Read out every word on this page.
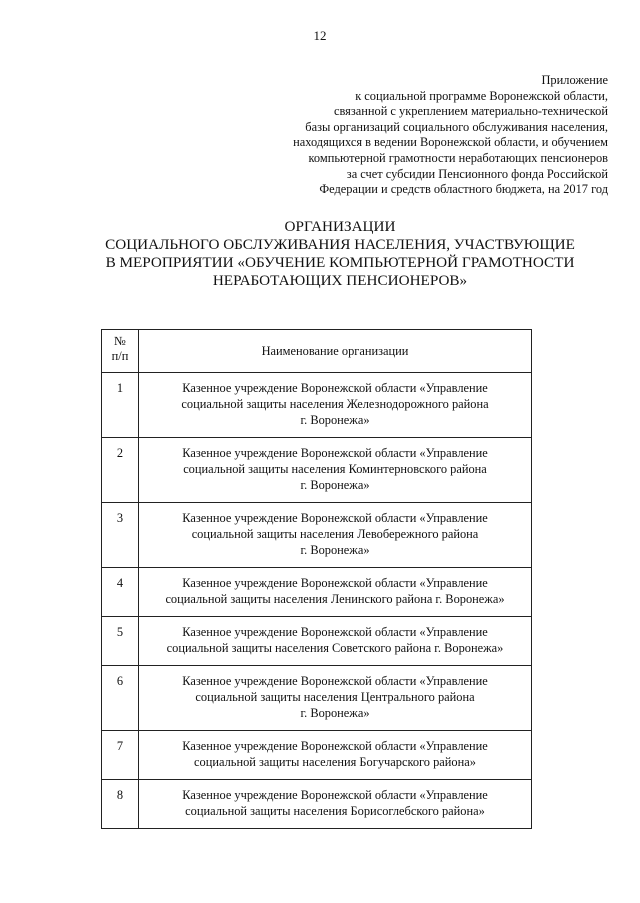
12
Приложение
к социальной программе Воронежской области,
связанной с укреплением материально-технической
базы организаций социального обслуживания населения,
находящихся в ведении Воронежской области, и обучением
компьютерной грамотности неработающих пенсионеров
за счет субсидии Пенсионного фонда Российской
Федерации и средств областного бюджета, на 2017 год
ОРГАНИЗАЦИИ
СОЦИАЛЬНОГО ОБСЛУЖИВАНИЯ НАСЕЛЕНИЯ, УЧАСТВУЮЩИЕ
В МЕРОПРИЯТИИ «ОБУЧЕНИЕ КОМПЬЮТЕРНОЙ ГРАМОТНОСТИ
НЕРАБОТАЮЩИХ ПЕНСИОНЕРОВ»
№
п/п	Наименование организации
1	Казенное учреждение Воронежской области «Управление
социальной защиты населения Железнодорожного района
г. Воронежа»

2	Казенное учреждение Воронежской области «Управление
социальной защиты населения Коминтерновского района
г. Воронежа»

3	Казенное учреждение Воронежской области «Управление
социальной защиты населения Левобережного района
г. Воронежа»

4	Казенное учреждение Воронежской области «Управление
социальной защиты населения Ленинского района г. Воронежа»

5	Казенное учреждение Воронежской области «Управление
социальной защиты населения Советского района г. Воронежа»

6	Казенное учреждение Воронежской области «Управление
социальной защиты населения Центрального района
г. Воронежа»

7	Казенное учреждение Воронежской области «Управление
социальной защиты населения Богучарского района»

8	Казенное учреждение Воронежской области «Управление
социальной защиты населения Борисоглебского района»
